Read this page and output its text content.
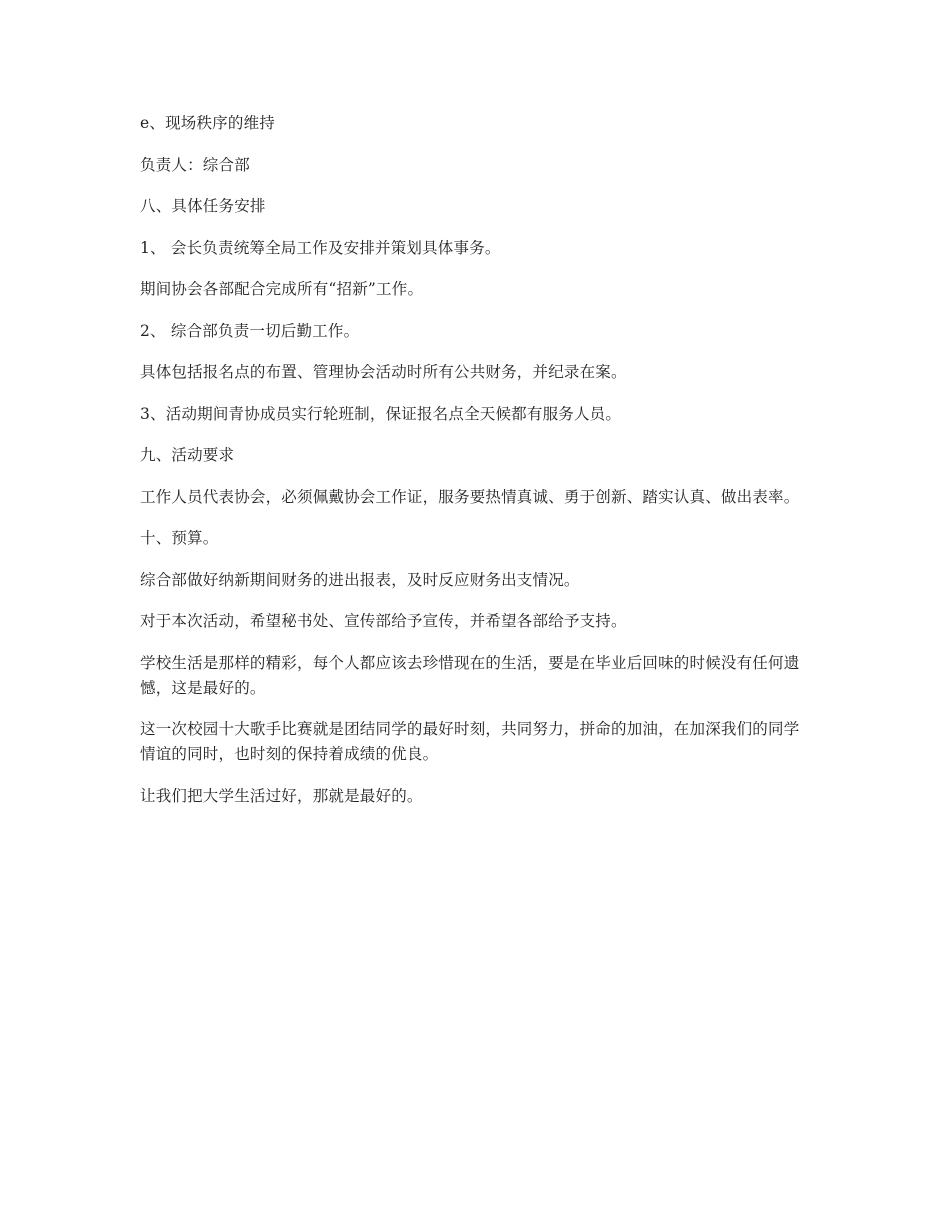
e、现场秩序的维持

负责人：综合部

八、具体任务安排

1、 会长负责统筹全局工作及安排并策划具体事务。

期间协会各部配合完成所有“招新”工作。

2、 综合部负责一切后勤工作。

具体包括报名点的布置、管理协会活动时所有公共财务，并纪录在案。

3、活动期间青协成员实行轮班制，保证报名点全天候都有服务人员。

九、活动要求

工作人员代表协会，必须佩戴协会工作证，服务要热情真诚、勇于创新、踏实认真、做出表率。

十、预算。

综合部做好纳新期间财务的进出报表，及时反应财务出支情况。

对于本次活动，希望秘书处、宣传部给予宣传，并希望各部给予支持。

学校生活是那样的精彩，每个人都应该去珍惜现在的生活，要是在毕业后回味的时候没有任何遗憾，这是最好的。

这一次校园十大歌手比赛就是团结同学的最好时刻，共同努力，拼命的加油，在加深我们的同学情谊的同时，也时刻的保持着成绩的优良。

让我们把大学生活过好，那就是最好的。
